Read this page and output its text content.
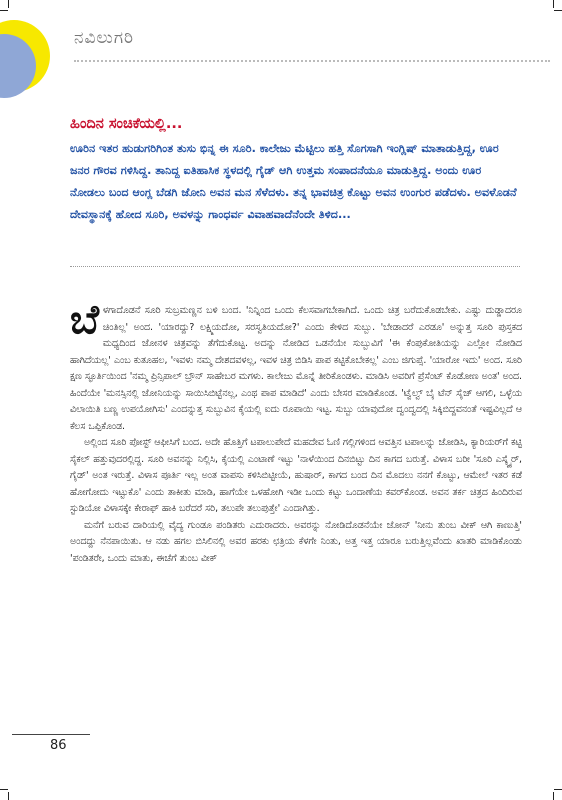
ನವಿಲುಗರಿ
ಹಿಂದಿನ ಸಂಚಿಕೆಯಲ್ಲಿ...

ಊರಿನ ಇತರ ಹುಡುಗರಿಗಿಂತ ತುಸು ಭಿನ್ನ ಈ ಸೂರಿ. ಕಾಲೇಜು ಮೆಟ್ಟಿಲು ಹತ್ತಿ ಸೊಗಸಾಗಿ ಇಂಗ್ಲಿಷ್ ಮಾತಾಡುತ್ತಿದ್ದ, ಊರ ಜನರ ಗೌರವ ಗಳಿಸಿದ್ದ. ತಾನಿದ್ದ ಐತಿಹಾಸಿಕ ಸ್ಥಳದಲ್ಲಿ ಗೈಡ್ ಆಗಿ ಉತ್ತಮ ಸಂಪಾದನೆಯೂ ಮಾಡುತ್ತಿದ್ದ. ಅಂದು ಊರ ನೋಡಲು ಬಂದ ಆಂಗ್ಲ ಬೆಡಗಿ ಜೋನಿ ಅವನ ಮನ ಸೆಳೆದಳು. ತನ್ನ ಭಾವಚಿತ್ರ ಕೊಟ್ಟು ಅವನ ಉಂಗುರ ಪಡೆದಳು. ಅವಳೊಡನೆ ದೇವಸ್ಥಾನಕ್ಕೆ ಹೋದ ಸೂರಿ, ಅವಳನ್ನು ಗಾಂಧರ್ವ ವಿವಾಹವಾದೆನೆಂದೇ ತಿಳಿದ...

ಬೆ ಳಗಾದೊಡನೆ ಸೂರಿ ಸುಬ್ರಮಣ್ಣನ ಬಳಿ ಬಂದ. 'ನಿನ್ನಿಂದ ಒಂದು ಕೆಲಸವಾಗಬೇಕಾಗಿದೆ. ಒಂದು ಚಿತ್ರ ಬರೆದುಕೊಡಬೇಕು. ಎಷ್ಟು ದುಡ್ಡಾದರೂ ಚಿಂತಿಲ್ಲ' ಅಂದ. 'ಯಾರದ್ದು? ಲಕ್ಷ್ಮಿಯದೋ, ಸರಸ್ವತಿಯದೋ?' ಎಂದು ಕೇಳಿದ ಸುಬ್ಬು. 'ಬೇಡಾದರೆ ಎರಡೂ' ಅನ್ನುತ್ತ ಸೂರಿ ಪುಸ್ತಕದ ಮಧ್ಯದಿಂದ ಜೋನಳ ಚಿತ್ರವನ್ನು ತೆಗೆದುಕೊಟ್ಟ. ಅದನ್ನು ನೋಡಿದ ಒಡನೆಯೇ ಸುಬ್ಬುವಿಗೆ 'ಈ ಕೆಂಪುಕೋತಿಯನ್ನು ಎಲ್ಲೋ ನೋಡಿದ ಹಾಗಿದೆಯಲ್ಲ' ಎಂಬ ಕುತೂಹಲ, 'ಇವಳು ನಮ್ಮ ದೇಶದವಳಲ್ಲ, ಇವಳ ಚಿತ್ರ ಬಿಡಿಸಿ ಪಾಪ ಕಟ್ಟಿಕೊಬೇಕಲ್ಲ' ಎಂಬ ಜಿಗುಪ್ಸೆ. 'ಯಾರೋ ಇದು' ಅಂದ. ಸೂರಿ ಕ್ಷಣ ಸ್ಫೂರ್ತಿಯಿಂದ 'ನಮ್ಮ ಪ್ರಿನ್ಸಿಪಾಲ್ ಬ್ರೌನ್ ಸಾಹೇಬರ ಮಗಳು. ಕಾಲೇಜು ಮೊನ್ನೆ ತೀರಿಕೊಂಡಳು. ಮಾಡಿಸಿ ಅವರಿಗೆ ಪ್ರೆಸೆಂಟ್ ಕೊಡೋಣ ಅಂತ' ಅಂದ. ಹಿಂದೆಯೇ 'ಮನಸ್ಸಿನಲ್ಲಿ ಜೋನಿಯನ್ನು ಸಾಯಿಸಿಬಿಟ್ಟೆನಲ್ಲ, ಎಂಥ ಪಾಪ ಮಾಡಿದೆ' ಎಂದು ಬೇಸರ ಮಾಡಿಕೊಂಡ. 'ಟ್ವೆಲ್ವ್ ಬೈ ಟೆನ್ ಸೈಜ್ ಆಗಲಿ, ಒಳ್ಳೆಯ ವಿಲಾಯಿತಿ ಬಣ್ಣ ಉಪಯೋಗಿಸು' ಎಂದನ್ನುತ್ತ ಸುಬ್ಬುವಿನ ಕೈಯಲ್ಲಿ ಐದು ರೂಪಾಯಿ ಇಟ್ಟ. ಸುಬ್ಬು ಯಾವುದೋ ದ್ವಂದ್ವದಲ್ಲಿ ಸಿಕ್ಕಿಬಿದ್ದವನಂತೆ ಇಷ್ಟವಿಲ್ಲದೆ ಆ ಕೆಲಸ ಒಪ್ಪಿಕೊಂಡ.

ಅಲ್ಲಿಂದ ಸೂರಿ ಪೋಸ್ಟ್ ಆಫೀಸಿಗೆ ಬಂದ. ಅದೇ ಹೊತ್ತಿಗೆ ಟಪಾಲುಪೇದೆ ಮಹದೇವ ಓಣಿ ಗಲ್ಲಿಗಳಿಂದ ಆವತ್ತಿನ ಟಪಾಲನ್ನು ಜೋಡಿಸಿ, ಕ್ಯಾರಿಯರ್‌ಗೆ ಕಟ್ಟಿ ಸೈಕಲ್ ಹತ್ತುವುದರಲ್ಲಿದ್ದ. ಸೂರಿ ಅವನನ್ನು ನಿಲ್ಲಿಸಿ, ಕೈಯಲ್ಲಿ ಎಂಟಾಣೆ ಇಟ್ಟು 'ನಾಳೆಯಿಂದ ದಿನಬಿಟ್ಟು ದಿನ ಕಾಗದ ಬರುತ್ತೆ. ವಿಳಾಸ ಬರೀ 'ಸೂರಿ ಎಸ್ಕ್ವೈರ್, ಗೈಡ್' ಅಂತ ಇರುತ್ತೆ. ವಿಳಾಸ ಪೂರ್ತಿ ಇಲ್ಲ ಅಂತ ವಾಪಸು ಕಳಿಸಿಬಿಟ್ಟೀಯೆ, ಹುಷಾರ್, ಕಾಗದ ಬಂದ ದಿನ ಮೊದಲು ನನಗೆ ಕೊಟ್ಟು, ಆಮೇಲೆ ಇತರ ಕಡೆ ಹೋಗೋದು ಇಟ್ಟುಕೊ' ಎಂದು ತಾಕೀತು ಮಾಡಿ, ಹಾಗೆಯೇ ಒಳಹೋಗಿ ಇಡೀ ಒಂದು ಕಟ್ಟು ಒಂದಾಣೆಯ ಕವರ್‌ಕೊಂಡ. ಅವನ ತರ್ಕ ಚಿತ್ರದ ಹಿಂದಿರುವ ಸ್ಟುಡಿಯೋ ವಿಳಾಸಕ್ಕೇ ಕೇರಾಫ್ ಹಾಕಿ ಬರೆದರೆ ಸರಿ, ತಲುಪೇ ತಲುಪುತ್ತೇ' ಎಂದಾಗಿತ್ತು.

ಮನೆಗೆ ಬರುವ ದಾರಿಯಲ್ಲಿ ವೈದ್ಯ ಗುಂಡೂ ಪಂಡಿತರು ಎದುರಾದರು. ಅವರನ್ನು ನೋಡಿದೊಡನೆಯೇ ಜೋನ್ 'ನೀನು ತುಂಬ ವೀಕ್ ಆಗಿ ಕಾಣುತ್ತಿ' ಅಂದದ್ದು ನೆನಪಾಯಿತು. ಆ ನಡು ಹಗಲ ಬಿಸಿಲಿನಲ್ಲಿ ಅವರ ಹರಕು ಛತ್ರಿಯ ಕೆಳಗೇ ನಿಂತು, ಅತ್ತ ಇತ್ತ ಯಾರೂ ಬರುತ್ತಿಲ್ಲವೆಂದು ಖಾತರಿ ಮಾಡಿಕೊಂಡು 'ಪಂಡಿತರೇ, ಒಂದು ಮಾತು, ಈಚೆಗೆ ತುಂಬ ವೀಕ್

86
